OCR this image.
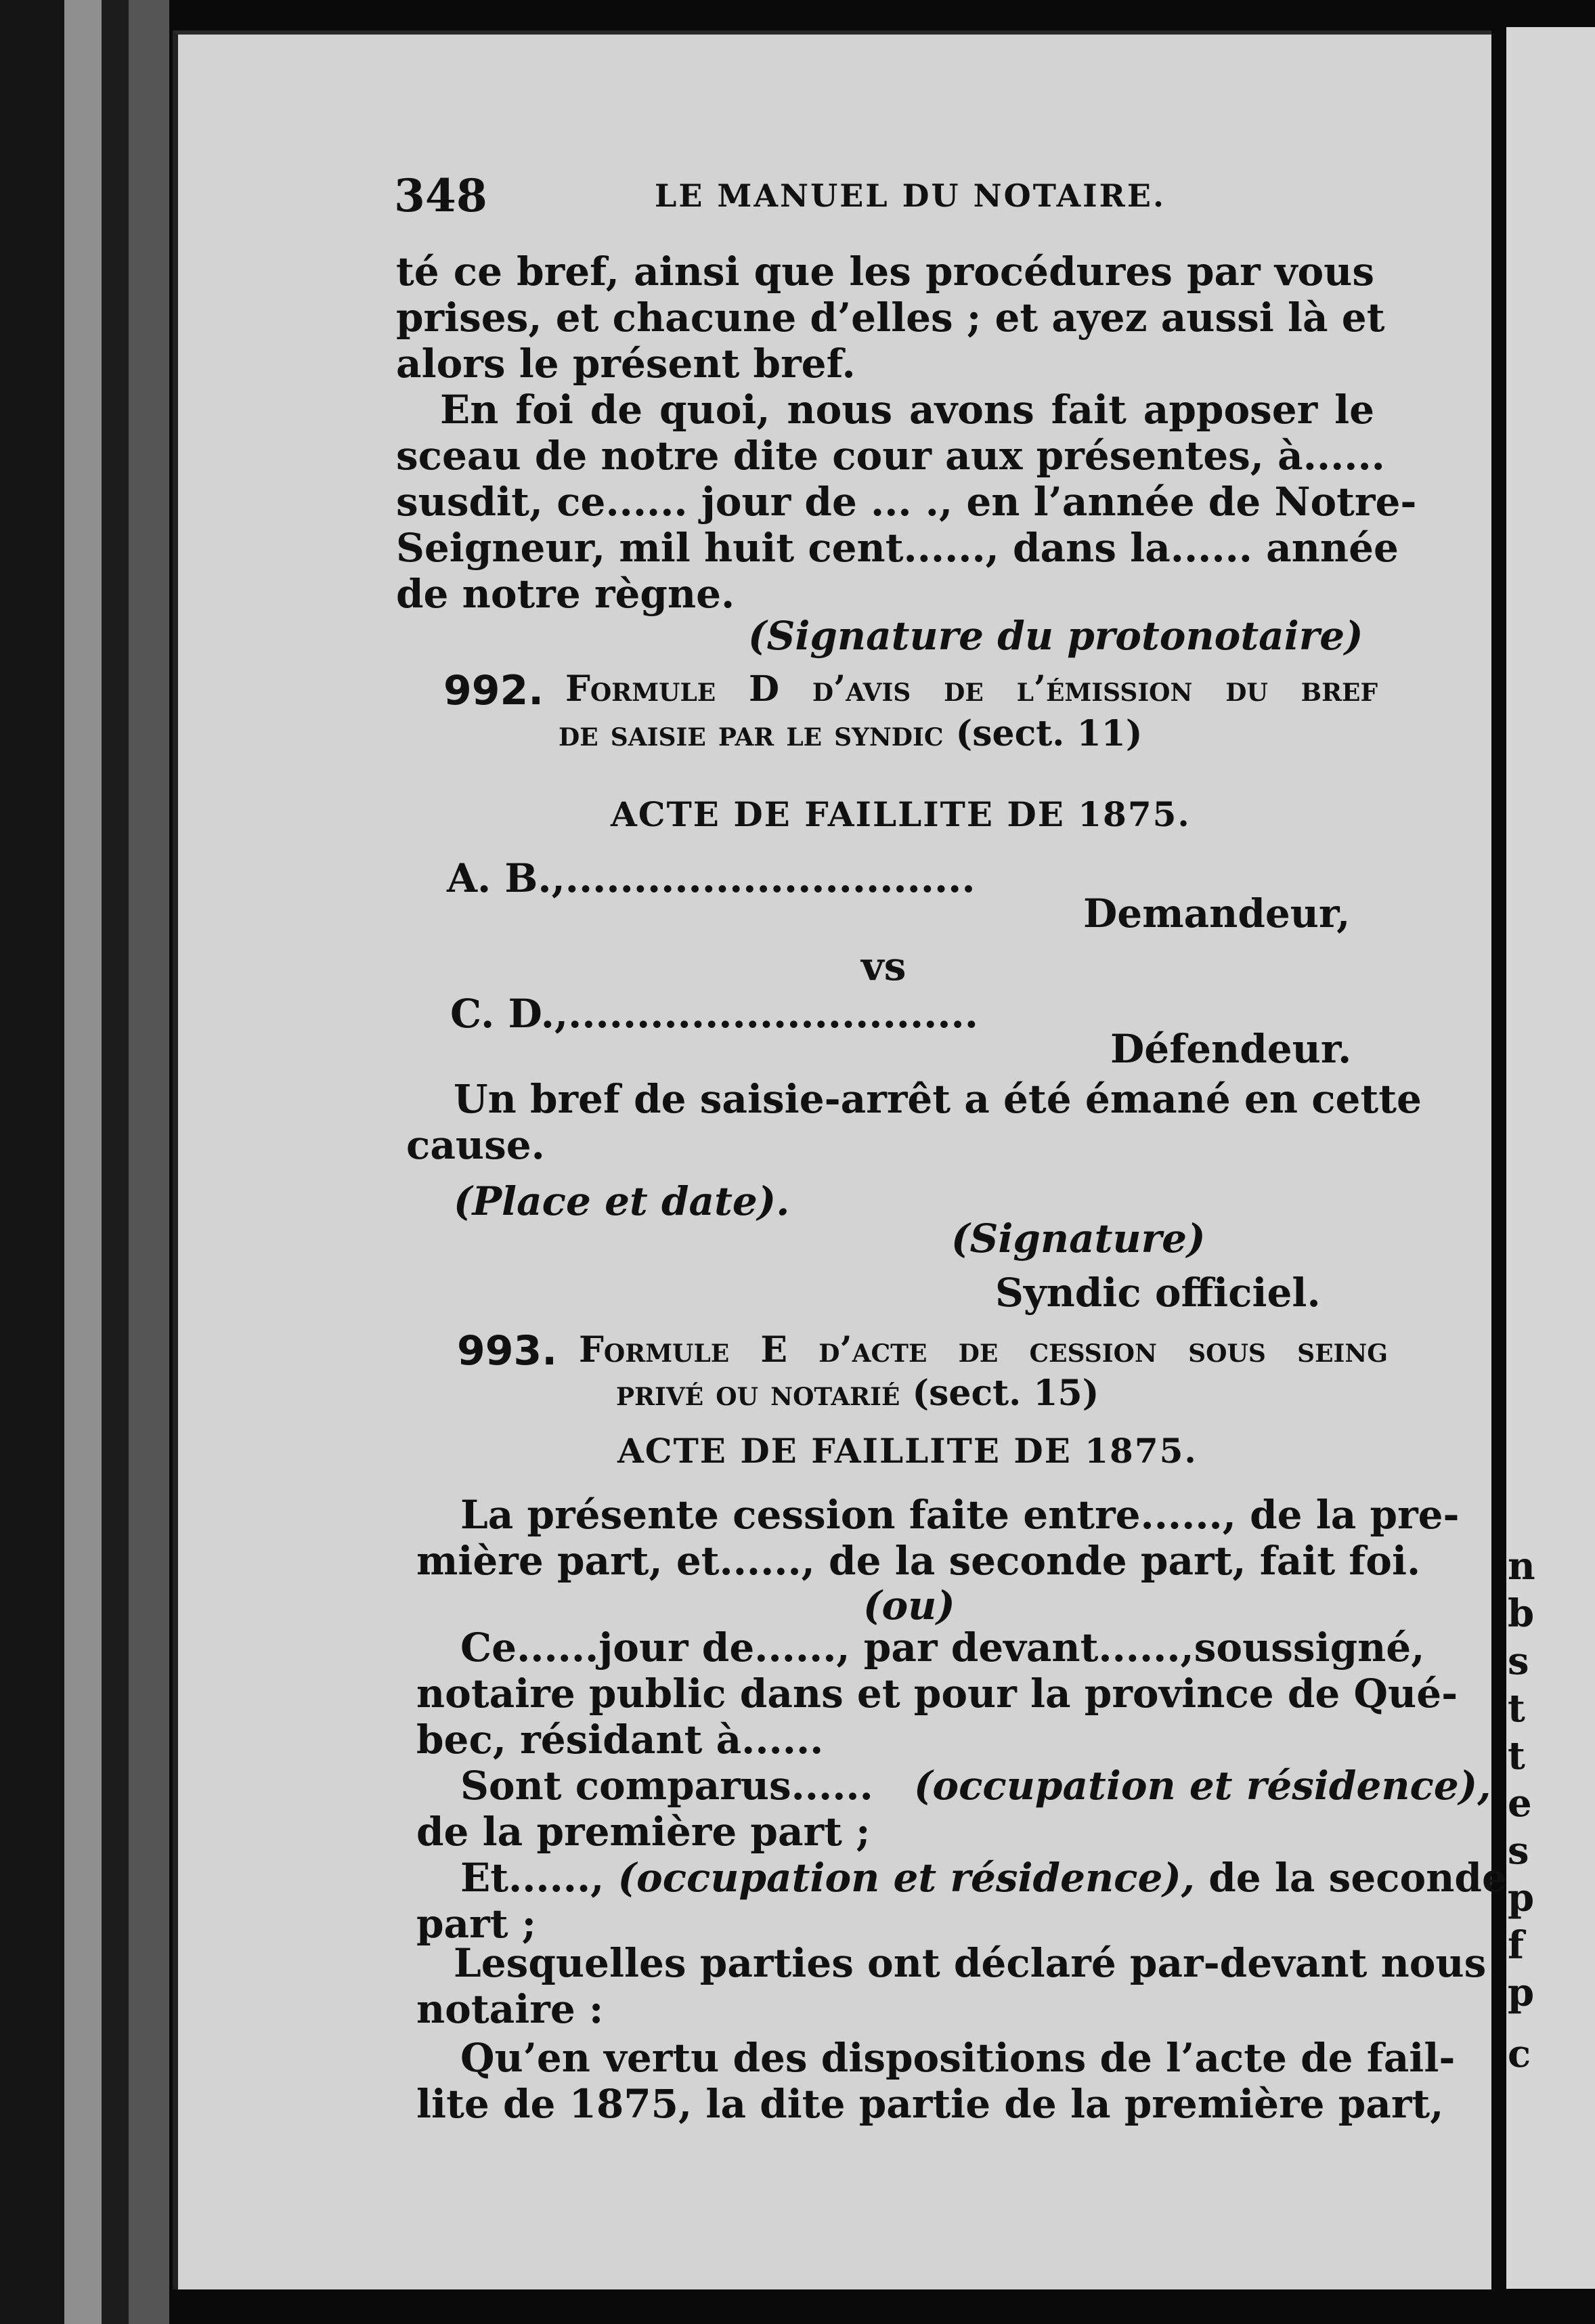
n

b

s

t

t

e

s

p

f

p

c

348	LE MANUEL DU NOTAIRE.

té ce bref, ainsi que les procédures par vous

prises, et chacune d’elles ; et ayez aussi là et

alors le présent bref.

En foi de quoi, nous avons fait apposer le

sceau de notre dite cour aux présentes, à......

susdit, ce...... jour de ... ., en l’année de Notre-

Seigneur, mil huit cent......, dans la...... année

de notre règne.

(Signature du protonotaire)

992. Formule D d’avis de l’émission du bref

de saisie par le syndic (sect. 11)

ACTE DE FAILLITE DE 1875.

A. B.,..............................

Demandeur,

vs

C. D.,..............................

Défendeur.

Un bref de saisie-arrêt a été émané en cette

cause.

(Place et date).

(Signature)

Syndic officiel.

993. Formule E d’acte de cession sous seing

privé ou notarié (sect. 15)

ACTE DE FAILLITE DE 1875.

La présente cession faite entre......, de la pre-

mière part, et......, de la seconde part, fait foi.

(ou)

Ce......jour de......, par devant......,soussigné,

notaire public dans et pour la province de Qué-

bec, résidant à......

Sont comparus...... (occupation et résidence),

de la première part ;

Et......, (occupation et résidence), de la seconde

part ;

Lesquelles parties ont déclaré par-devant nous

notaire :

Qu’en vertu des dispositions de l’acte de fail-

lite de 1875, la dite partie de la première part,
